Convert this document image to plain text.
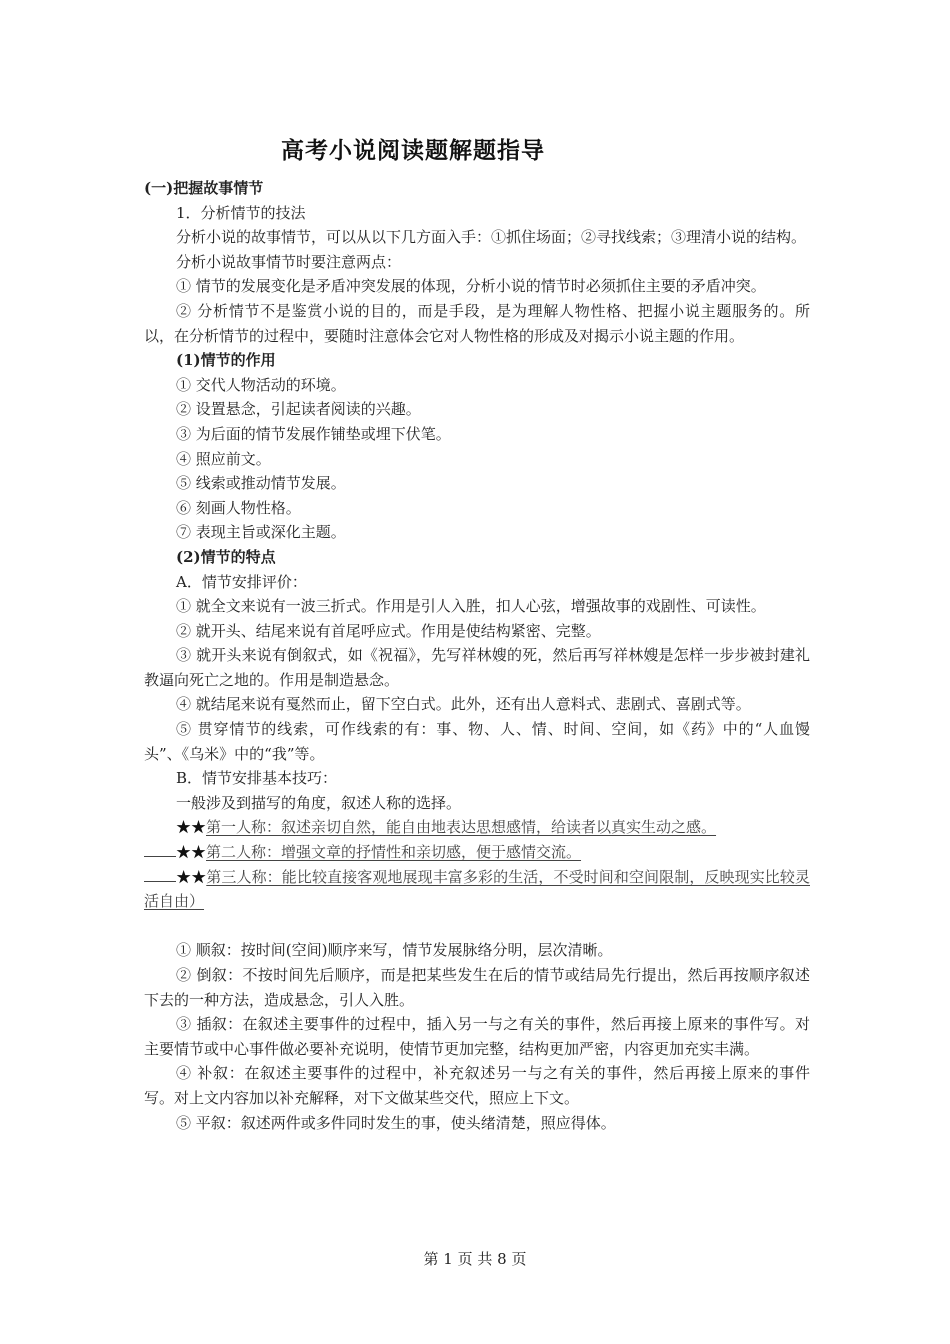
高考小说阅读题解题指导

(一)把握故事情节

1．分析情节的技法

分析小说的故事情节，可以从以下几方面入手：①抓住场面；②寻找线索；③理清小说的结构。

分析小说故事情节时要注意两点：

① 情节的发展变化是矛盾冲突发展的体现，分析小说的情节时必须抓住主要的矛盾冲突。

② 分析情节不是鉴赏小说的目的，而是手段，是为理解人物性格、把握小说主题服务的。所以，在分析情节的过程中，要随时注意体会它对人物性格的形成及对揭示小说主题的作用。

(1)情节的作用

① 交代人物活动的环境。

② 设置悬念，引起读者阅读的兴趣。

③ 为后面的情节发展作铺垫或埋下伏笔。

④ 照应前文。

⑤ 线索或推动情节发展。

⑥ 刻画人物性格。

⑦ 表现主旨或深化主题。

(2)情节的特点

A．情节安排评价：

① 就全文来说有一波三折式。作用是引人入胜，扣人心弦，增强故事的戏剧性、可读性。

② 就开头、结尾来说有首尾呼应式。作用是使结构紧密、完整。

③ 就开头来说有倒叙式，如《祝福》，先写祥林嫂的死，然后再写祥林嫂是怎样一步步被封建礼教逼向死亡之地的。作用是制造悬念。

④ 就结尾来说有戛然而止，留下空白式。此外，还有出人意料式、悲剧式、喜剧式等。

⑤ 贯穿情节的线索，可作线索的有：事、物、人、情、时间、空间，如《药》中的“人血馒头”、《乌米》中的“我”等。

B．情节安排基本技巧：

一般涉及到描写的角度，叙述人称的选择。

★★第一人称：叙述亲切自然，能自由地表达思想感情，给读者以真实生动之感。

★★第二人称：增强文章的抒情性和亲切感，便于感情交流。

★★第三人称：能比较直接客观地展现丰富多彩的生活，不受时间和空间限制，反映现实比较灵活自由）

① 顺叙：按时间(空间)顺序来写，情节发展脉络分明，层次清晰。

② 倒叙：不按时间先后顺序，而是把某些发生在后的情节或结局先行提出，然后再按顺序叙述下去的一种方法，造成悬念，引人入胜。

③ 插叙：在叙述主要事件的过程中，插入另一与之有关的事件，然后再接上原来的事件写。对主要情节或中心事件做必要补充说明，使情节更加完整，结构更加严密，内容更加充实丰满。

④ 补叙：在叙述主要事件的过程中，补充叙述另一与之有关的事件，然后再接上原来的事件写。对上文内容加以补充解释，对下文做某些交代，照应上下文。

⑤ 平叙：叙述两件或多件同时发生的事，使头绪清楚，照应得体。

第 1 页 共 8 页
